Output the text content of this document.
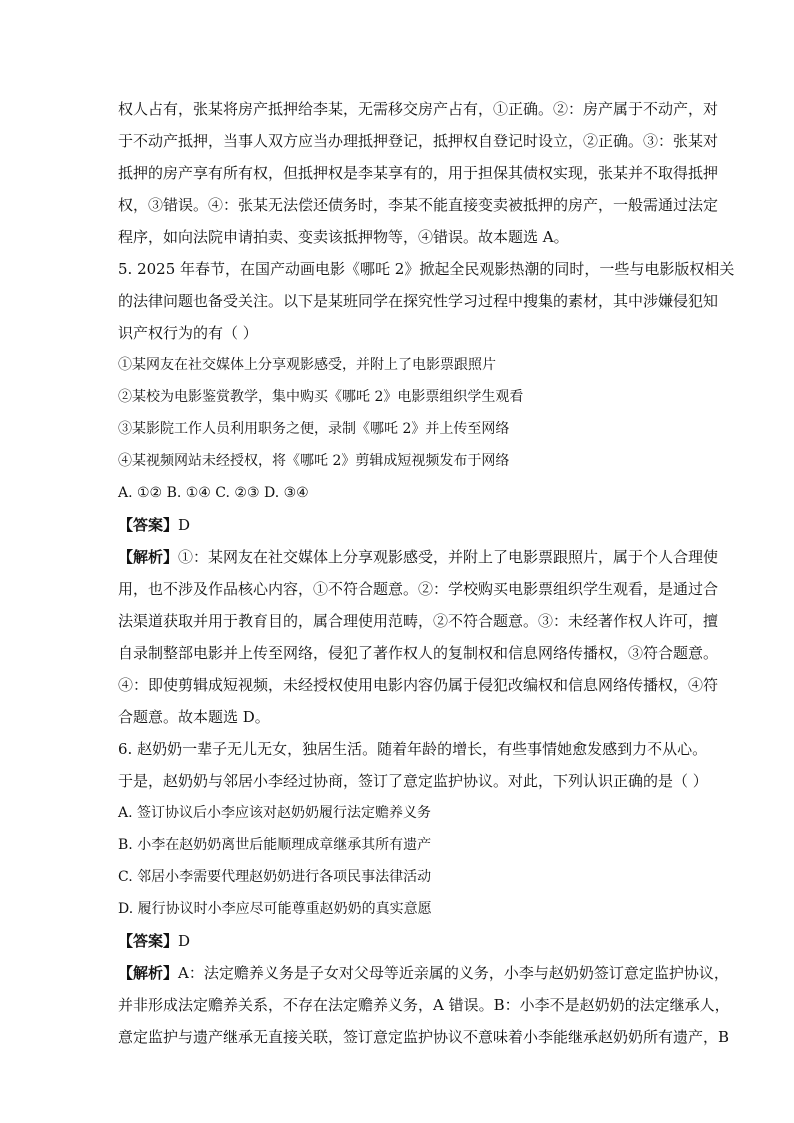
权人占有，张某将房产抵押给李某，无需移交房产占有，①正确。②：房产属于不动产，对
于不动产抵押，当事人双方应当办理抵押登记，抵押权自登记时设立，②正确。③：张某对
抵押的房产享有所有权，但抵押权是李某享有的，用于担保其债权实现，张某并不取得抵押
权，③错误。④：张某无法偿还债务时，李某不能直接变卖被抵押的房产，一般需通过法定
程序，如向法院申请拍卖、变卖该抵押物等，④错误。故本题选 A。
5. 2025 年春节，在国产动画电影《哪吒 2》掀起全民观影热潮的同时，一些与电影版权相关
的法律问题也备受关注。以下是某班同学在探究性学习过程中搜集的素材，其中涉嫌侵犯知
识产权行为的有（ ）
①某网友在社交媒体上分享观影感受，并附上了电影票跟照片
②某校为电影鉴赏教学，集中购买《哪吒 2》电影票组织学生观看
③某影院工作人员利用职务之便，录制《哪吒 2》并上传至网络
④某视频网站未经授权，将《哪吒 2》剪辑成短视频发布于网络
A. ①② B. ①④ C. ②③ D. ③④
【答案】D
【解析】①：某网友在社交媒体上分享观影感受，并附上了电影票跟照片，属于个人合理使
用，也不涉及作品核心内容，①不符合题意。②：学校购买电影票组织学生观看，是通过合
法渠道获取并用于教育目的，属合理使用范畴，②不符合题意。③：未经著作权人许可，擅
自录制整部电影并上传至网络，侵犯了著作权人的复制权和信息网络传播权，③符合题意。
④：即使剪辑成短视频，未经授权使用电影内容仍属于侵犯改编权和信息网络传播权，④符
合题意。故本题选 D。
6. 赵奶奶一辈子无儿无女，独居生活。随着年龄的增长，有些事情她愈发感到力不从心。
于是，赵奶奶与邻居小李经过协商，签订了意定监护协议。对此，下列认识正确的是（ ）
A. 签订协议后小李应该对赵奶奶履行法定赡养义务
B. 小李在赵奶奶离世后能顺理成章继承其所有遗产
C. 邻居小李需要代理赵奶奶进行各项民事法律活动
D. 履行协议时小李应尽可能尊重赵奶奶的真实意愿
【答案】D
【解析】A：法定赡养义务是子女对父母等近亲属的义务，小李与赵奶奶签订意定监护协议，
并非形成法定赡养关系，不存在法定赡养义务，A 错误。B：小李不是赵奶奶的法定继承人，
意定监护与遗产继承无直接关联，签订意定监护协议不意味着小李能继承赵奶奶所有遗产，B
